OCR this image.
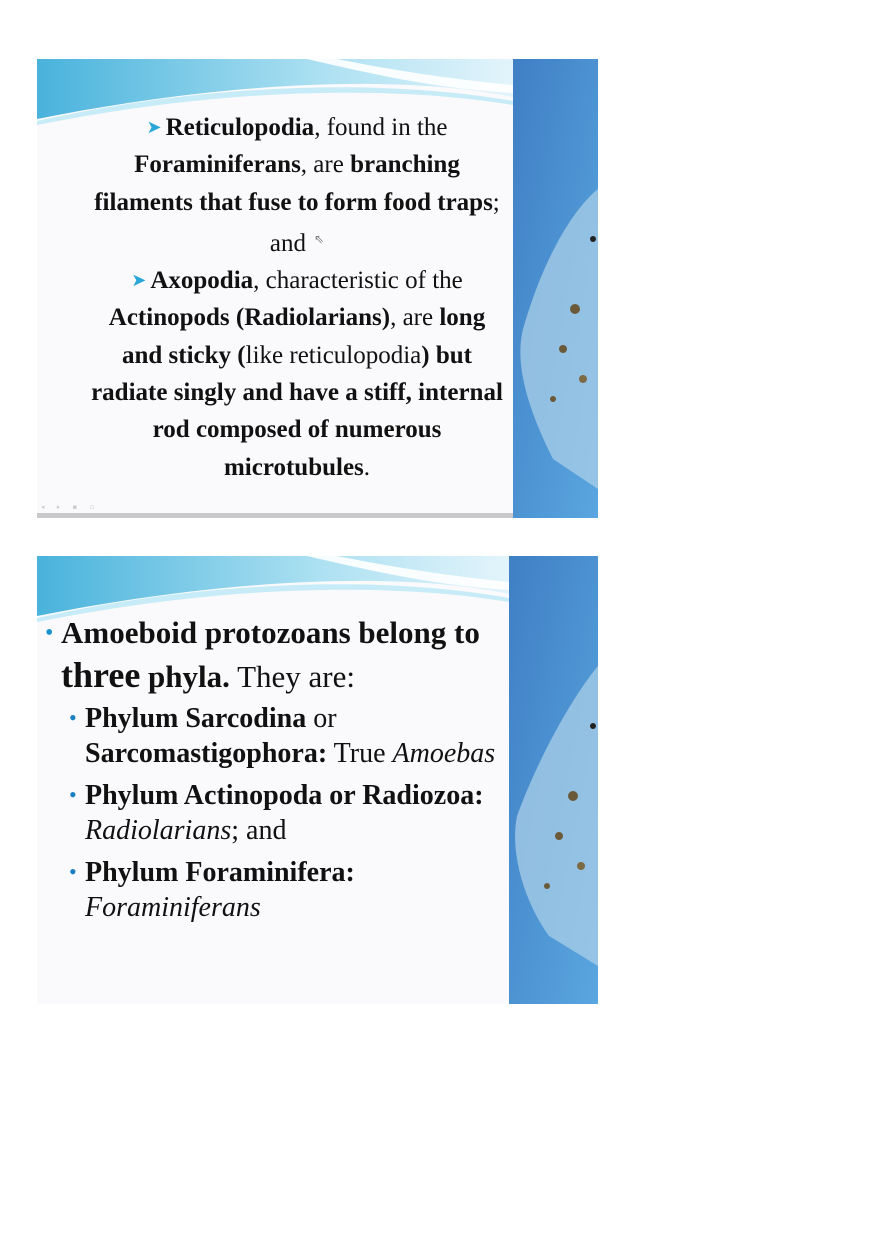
➤ Reticulopodia, found in the Foraminiferans, are branching filaments that fuse to form food traps; and ⇖

➤ Axopodia, characteristic of the Actinopods (Radiolarians), are long and sticky (like reticulopodia) but radiate singly and have a stiff, internal rod composed of numerous microtubules.

◂ ▸ ▪ ▫
• Amoeboid protozoans belong to three phyla. They are:
• Phylum Sarcodina or Sarcomastigophora: True Amoebas
• Phylum Actinopoda or Radiozoa: Radiolarians; and
• Phylum Foraminifera: Foraminiferans
